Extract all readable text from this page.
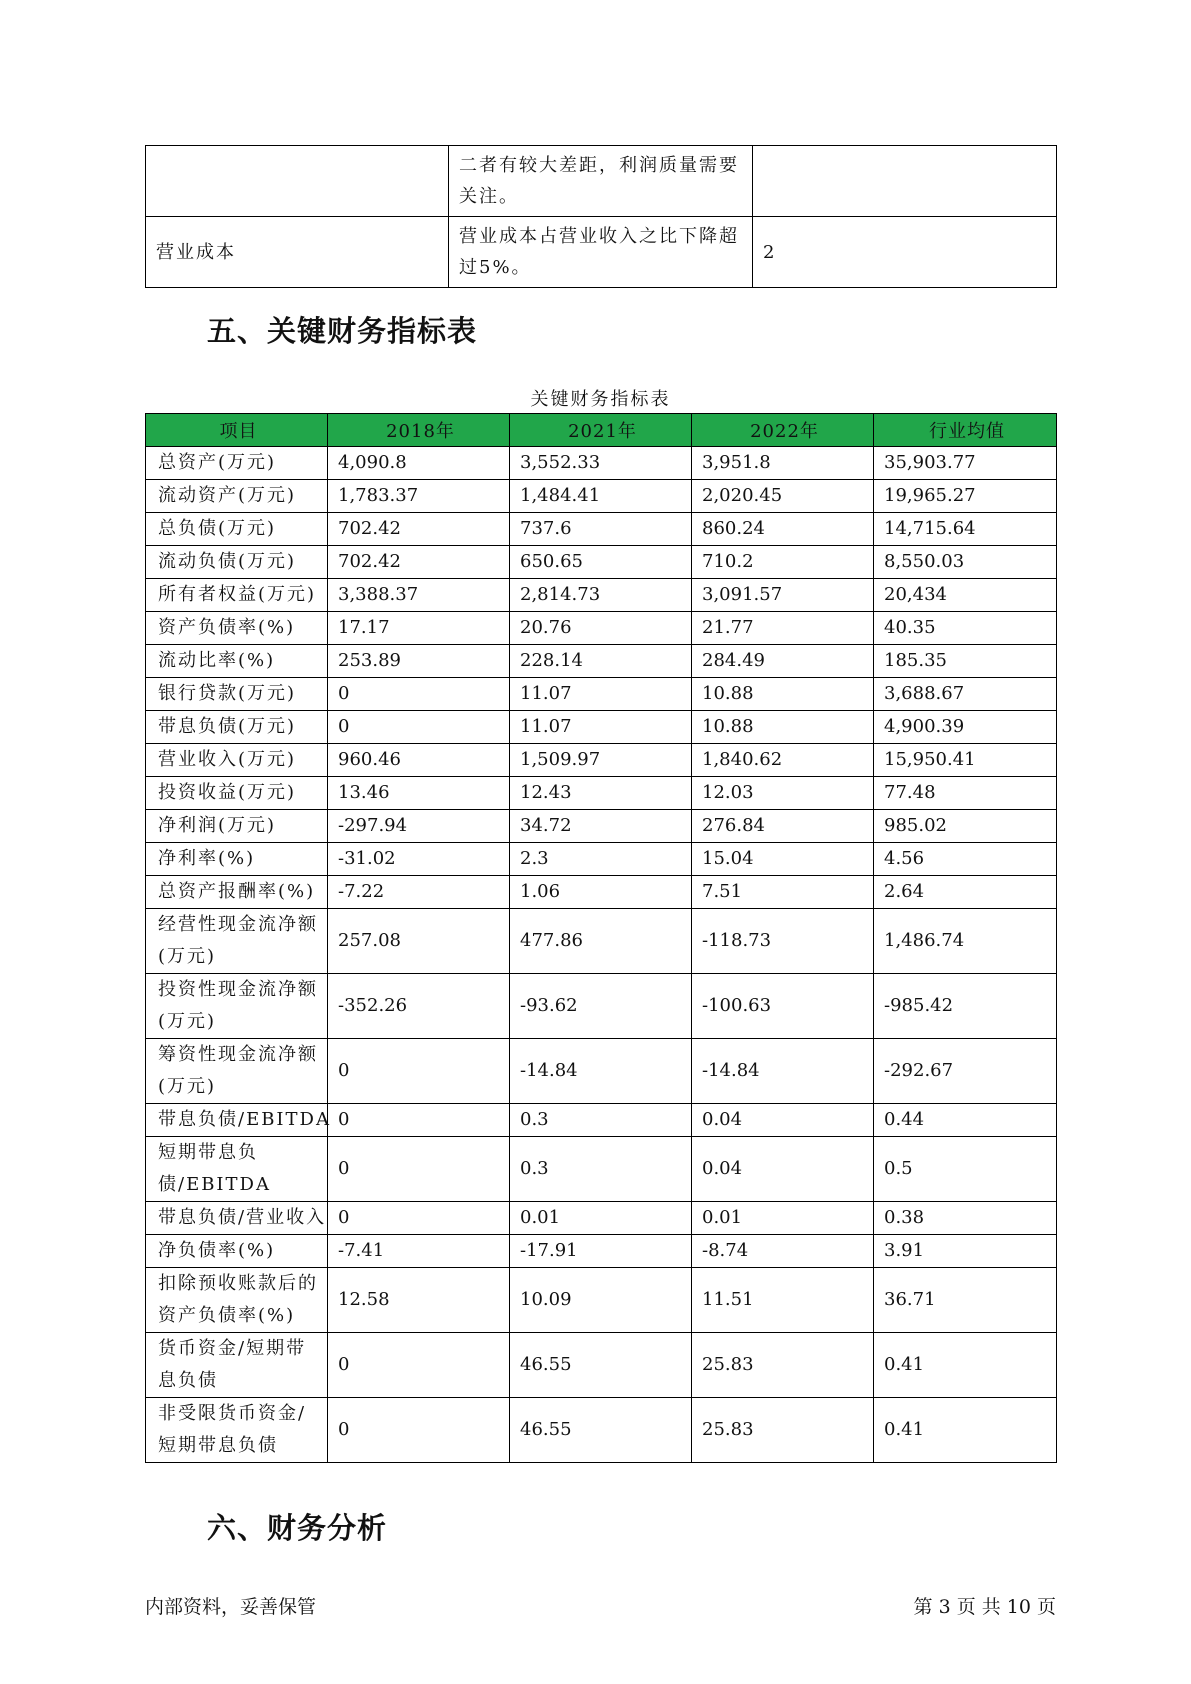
	二者有较大差距，利润质量需要关注。	
营业成本	营业成本占营业收入之比下降超过5%。	2
五、关键财务指标表
关键财务指标表
项目	2018年	2021年	2022年	行业均值
总资产(万元)	4,090.8	3,552.33	3,951.8	35,903.77
流动资产(万元)	1,783.37	1,484.41	2,020.45	19,965.27
总负债(万元)	702.42	737.6	860.24	14,715.64
流动负债(万元)	702.42	650.65	710.2	8,550.03
所有者权益(万元)	3,388.37	2,814.73	3,091.57	20,434
资产负债率(%)	17.17	20.76	21.77	40.35
流动比率(%)	253.89	228.14	284.49	185.35
银行贷款(万元)	0	11.07	10.88	3,688.67
带息负债(万元)	0	11.07	10.88	4,900.39
营业收入(万元)	960.46	1,509.97	1,840.62	15,950.41
投资收益(万元)	13.46	12.43	12.03	77.48
净利润(万元)	-297.94	34.72	276.84	985.02
净利率(%)	-31.02	2.3	15.04	4.56
总资产报酬率(%)	-7.22	1.06	7.51	2.64
经营性现金流净额(万元)	257.08	477.86	-118.73	1,486.74
投资性现金流净额(万元)	-352.26	-93.62	-100.63	-985.42
筹资性现金流净额(万元)	0	-14.84	-14.84	-292.67
带息负债/EBITDA	0	0.3	0.04	0.44
短期带息负债/EBITDA	0	0.3	0.04	0.5
带息负债/营业收入	0	0.01	0.01	0.38
净负债率(%)	-7.41	-17.91	-8.74	3.91
扣除预收账款后的资产负债率(%)	12.58	10.09	11.51	36.71
货币资金/短期带息负债	0	46.55	25.83	0.41
非受限货币资金/短期带息负债	0	46.55	25.83	0.41
六、财务分析
内部资料，妥善保管	第 3 页 共 10 页
